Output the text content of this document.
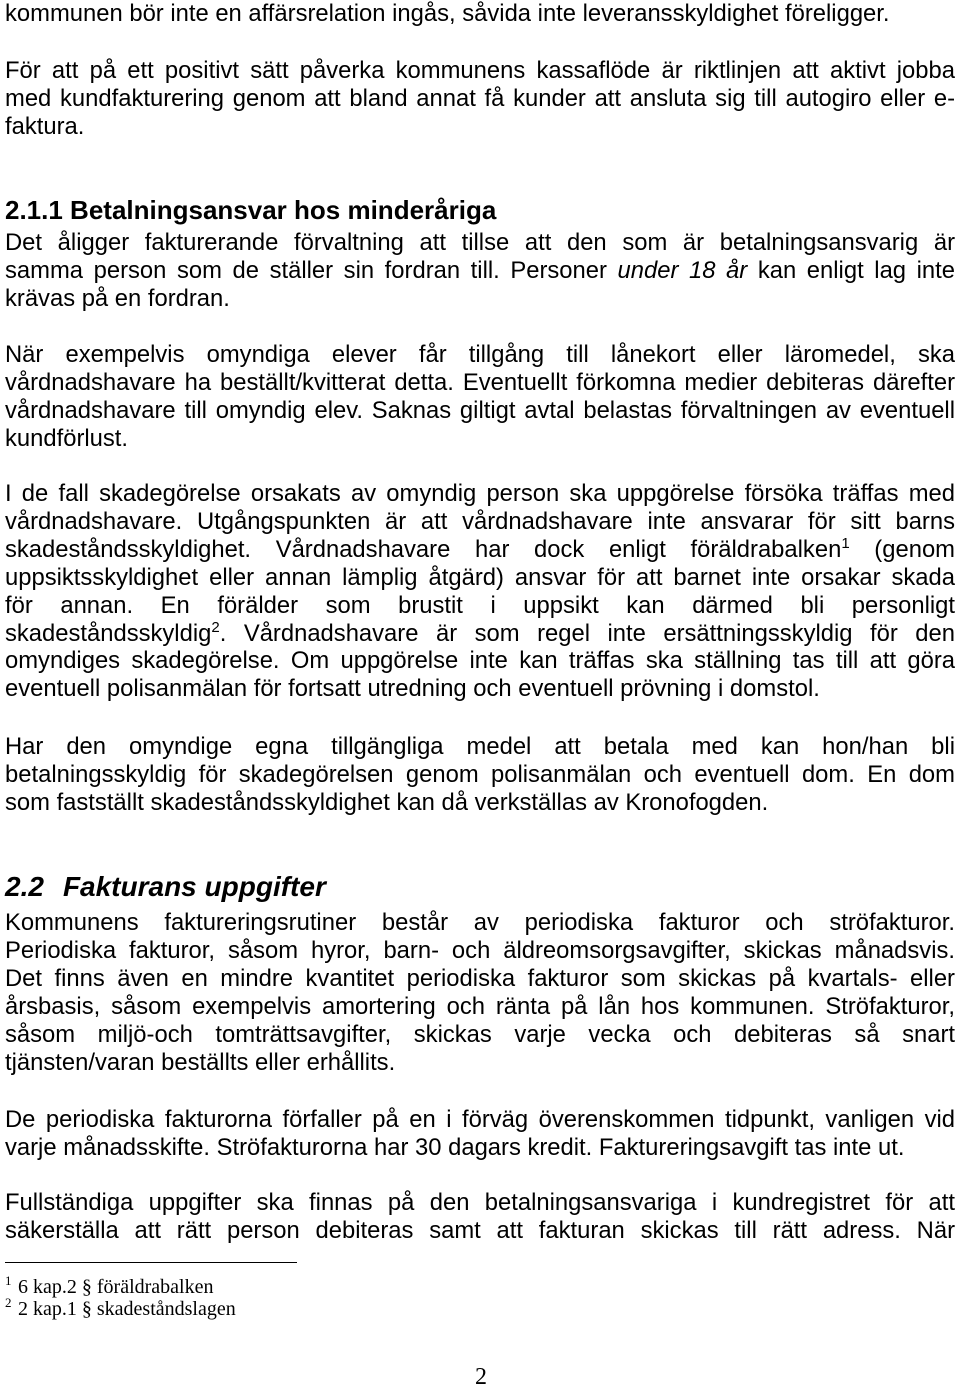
kommunen bör inte en affärsrelation ingås, såvida inte leveransskyldighet föreligger.
För att på ett positivt sätt påverka kommunens kassaflöde är riktlinjen att aktivt jobba
med kundfakturering genom att bland annat få kunder att ansluta sig till autogiro eller e-
faktura.
2.1.1 Betalningsansvar hos minderåriga
Det åligger fakturerande förvaltning att tillse att den som är betalningsansvarig är
samma person som de ställer sin fordran till. Personer under 18 år kan enligt lag inte
krävas på en fordran.
När exempelvis omyndiga elever får tillgång till lånekort eller läromedel, ska
vårdnadshavare ha beställt/kvitterat detta. Eventuellt förkomna medier debiteras därefter
vårdnadshavare till omyndig elev. Saknas giltigt avtal belastas förvaltningen av eventuell
kundförlust.
I de fall skadegörelse orsakats av omyndig person ska uppgörelse försöka träffas med
vårdnadshavare. Utgångspunkten är att vårdnadshavare inte ansvarar för sitt barns
skadeståndsskyldighet. Vårdnadshavare har dock enligt föräldrabalken$^1$ (genom
uppsiktsskyldighet eller annan lämplig åtgärd) ansvar för att barnet inte orsakar skada
för annan. En förälder som brustit i uppsikt kan därmed bli personligt
skadeståndsskyldig$^2$. Vårdnadshavare är som regel inte ersättningsskyldig för den
omyndiges skadegörelse. Om uppgörelse inte kan träffas ska ställning tas till att göra
eventuell polisanmälan för fortsatt utredning och eventuell prövning i domstol.
Har den omyndige egna tillgängliga medel att betala med kan hon/han bli
betalningsskyldig för skadegörelsen genom polisanmälan och eventuell dom. En dom
som fastställt skadeståndsskyldighet kan då verkställas av Kronofogden.
2.2 Fakturans uppgifter
Kommunens faktureringsrutiner består av periodiska fakturor och ströfakturor.
Periodiska fakturor, såsom hyror, barn- och äldreomsorgsavgifter, skickas månadsvis.
Det finns även en mindre kvantitet periodiska fakturor som skickas på kvartals- eller
årsbasis, såsom exempelvis amortering och ränta på lån hos kommunen. Ströfakturor,
såsom miljö-och tomträttsavgifter, skickas varje vecka och debiteras så snart
tjänsten/varan beställts eller erhållits.
De periodiska fakturorna förfaller på en i förväg överenskommen tidpunkt, vanligen vid
varje månadsskifte. Ströfakturorna har 30 dagars kredit. Faktureringsavgift tas inte ut.
Fullständiga uppgifter ska finnas på den betalningsansvariga i kundregistret för att
säkerställa att rätt person debiteras samt att fakturan skickas till rätt adress. När
1 6 kap.2 § föräldrabalken
2 2 kap.1 § skadeståndslagen
2
